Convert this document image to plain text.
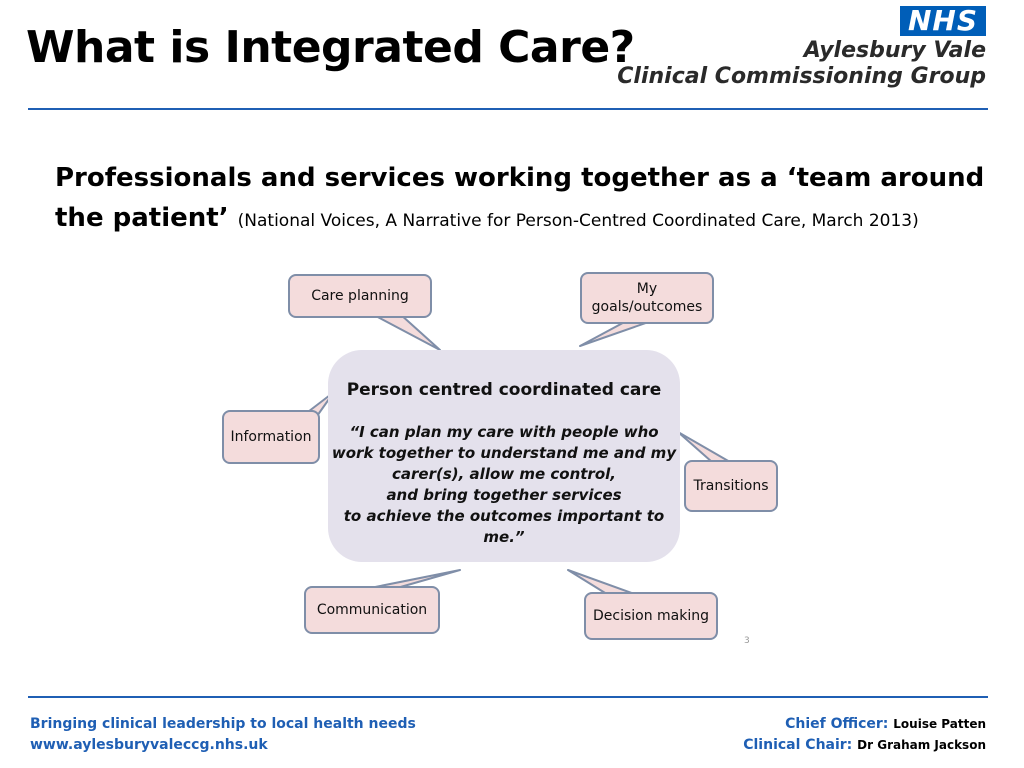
What is Integrated Care?
NHS
Aylesbury Vale
Clinical Commissioning Group
Professionals and services working together as a ‘team around the patient’ (National Voices, A Narrative for Person-Centred Coordinated Care, March 2013)
Care planning	My
goals/outcomes
Information
Transitions
Communication	Decision making
Person centred coordinated care
“I can plan my care with people who
work together to understand me and my
carer(s), allow me control,
and bring together services
to achieve the outcomes important to
me.”
3
Bringing clinical leadership to local health needs
www.aylesburyvaleccg.nhs.uk
Chief Officer: Louise Patten
Clinical Chair: Dr Graham Jackson
